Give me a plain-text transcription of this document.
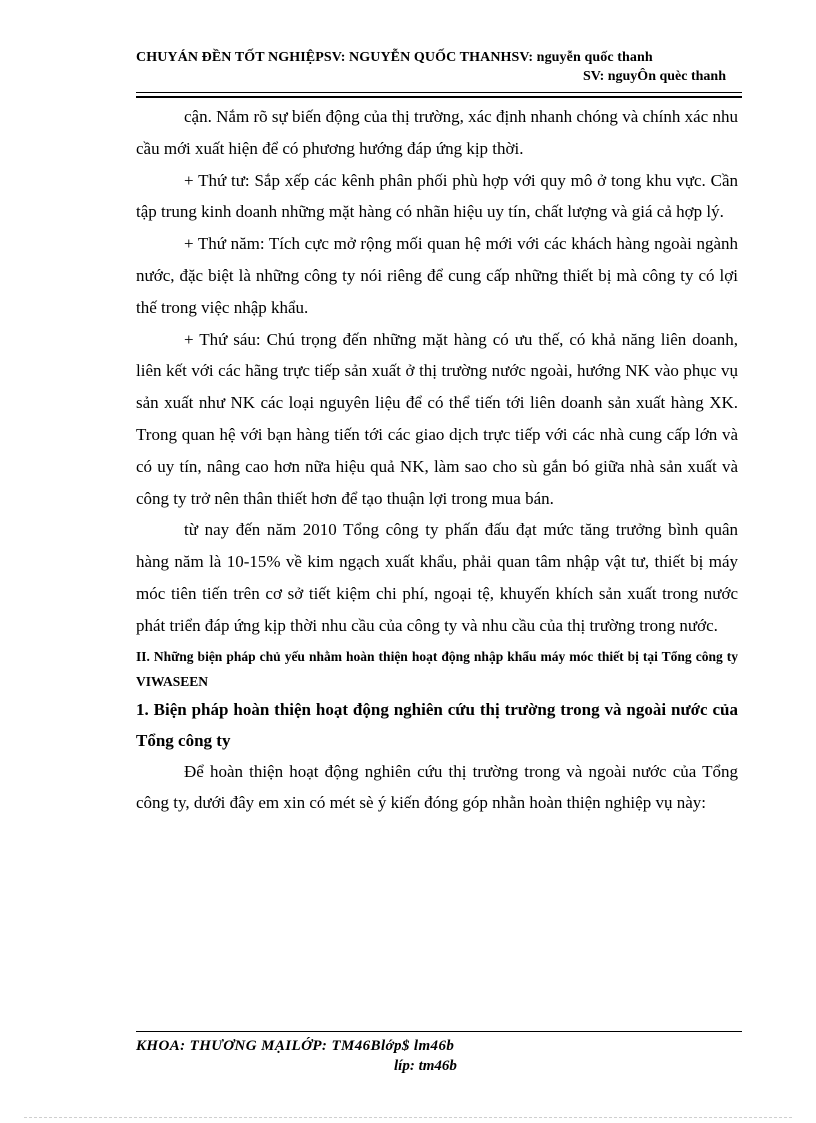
CHUYÁN ĐỀN TỐT NGHIỆPSV: NGUYỄN QUỐC THANHSV: nguyễn quốc thanh
SV: nguyÔn quèc thanh

cận. Nắm rõ sự biến động của thị trường, xác định nhanh chóng và chính xác nhu cầu mới xuất hiện để có phương hướng đáp ứng kịp thời.

+ Thứ tư: Sắp xếp các kênh phân phối phù hợp với quy mô ở tong khu vực. Cần tập trung kinh doanh những mặt hàng có nhãn hiệu uy tín, chất lượng và giá cả hợp lý.

+ Thứ năm: Tích cực mở rộng mối quan hệ mới với các khách hàng ngoài ngành nước, đặc biệt là những công ty nói riêng để cung cấp những thiết bị mà công ty có lợi thế trong việc nhập khẩu.

+ Thứ sáu: Chú trọng đến những mặt hàng có ưu thế, có khả năng liên doanh, liên kết với các hãng trực tiếp sản xuất ở thị trường nước ngoài, hướng NK vào phục vụ sản xuất như NK các loại nguyên liệu để có thể tiến tới liên doanh sản xuất hàng XK. Trong quan hệ với bạn hàng tiến tới các giao dịch trực tiếp với các nhà cung cấp lớn và có uy tín, nâng cao hơn nữa hiệu quả NK, làm sao cho sù gắn bó giữa nhà sản xuất và công ty trở nên thân thiết hơn để tạo thuận lợi trong mua bán.

từ nay đến năm 2010 Tổng công ty phấn đấu đạt mức tăng trưởng bình quân hàng năm là 10-15% về kim ngạch xuất khẩu, phải quan tâm nhập vật tư, thiết bị máy móc tiên tiến trên cơ sở tiết kiệm chi phí, ngoại tệ, khuyến khích sản xuất trong nước phát triển đáp ứng kịp thời nhu cầu của công ty và nhu cầu của thị trường trong nước.

II. Những biện pháp chủ yếu nhằm hoàn thiện hoạt động nhập khẩu máy móc thiết bị tại Tổng công ty VIWASEEN

1. Biện pháp hoàn thiện hoạt động nghiên cứu thị trường trong và ngoài nước của Tổng công ty

Để hoàn thiện hoạt động nghiên cứu thị trường trong và ngoài nước của Tổng công ty, dưới đây em xin có mét sè ý kiến đóng góp nhằn hoàn thiện nghiệp vụ này:

KHOA: THƯƠNG MẠILỚP: TM46Blớp$ lm46b
líp: tm46b
